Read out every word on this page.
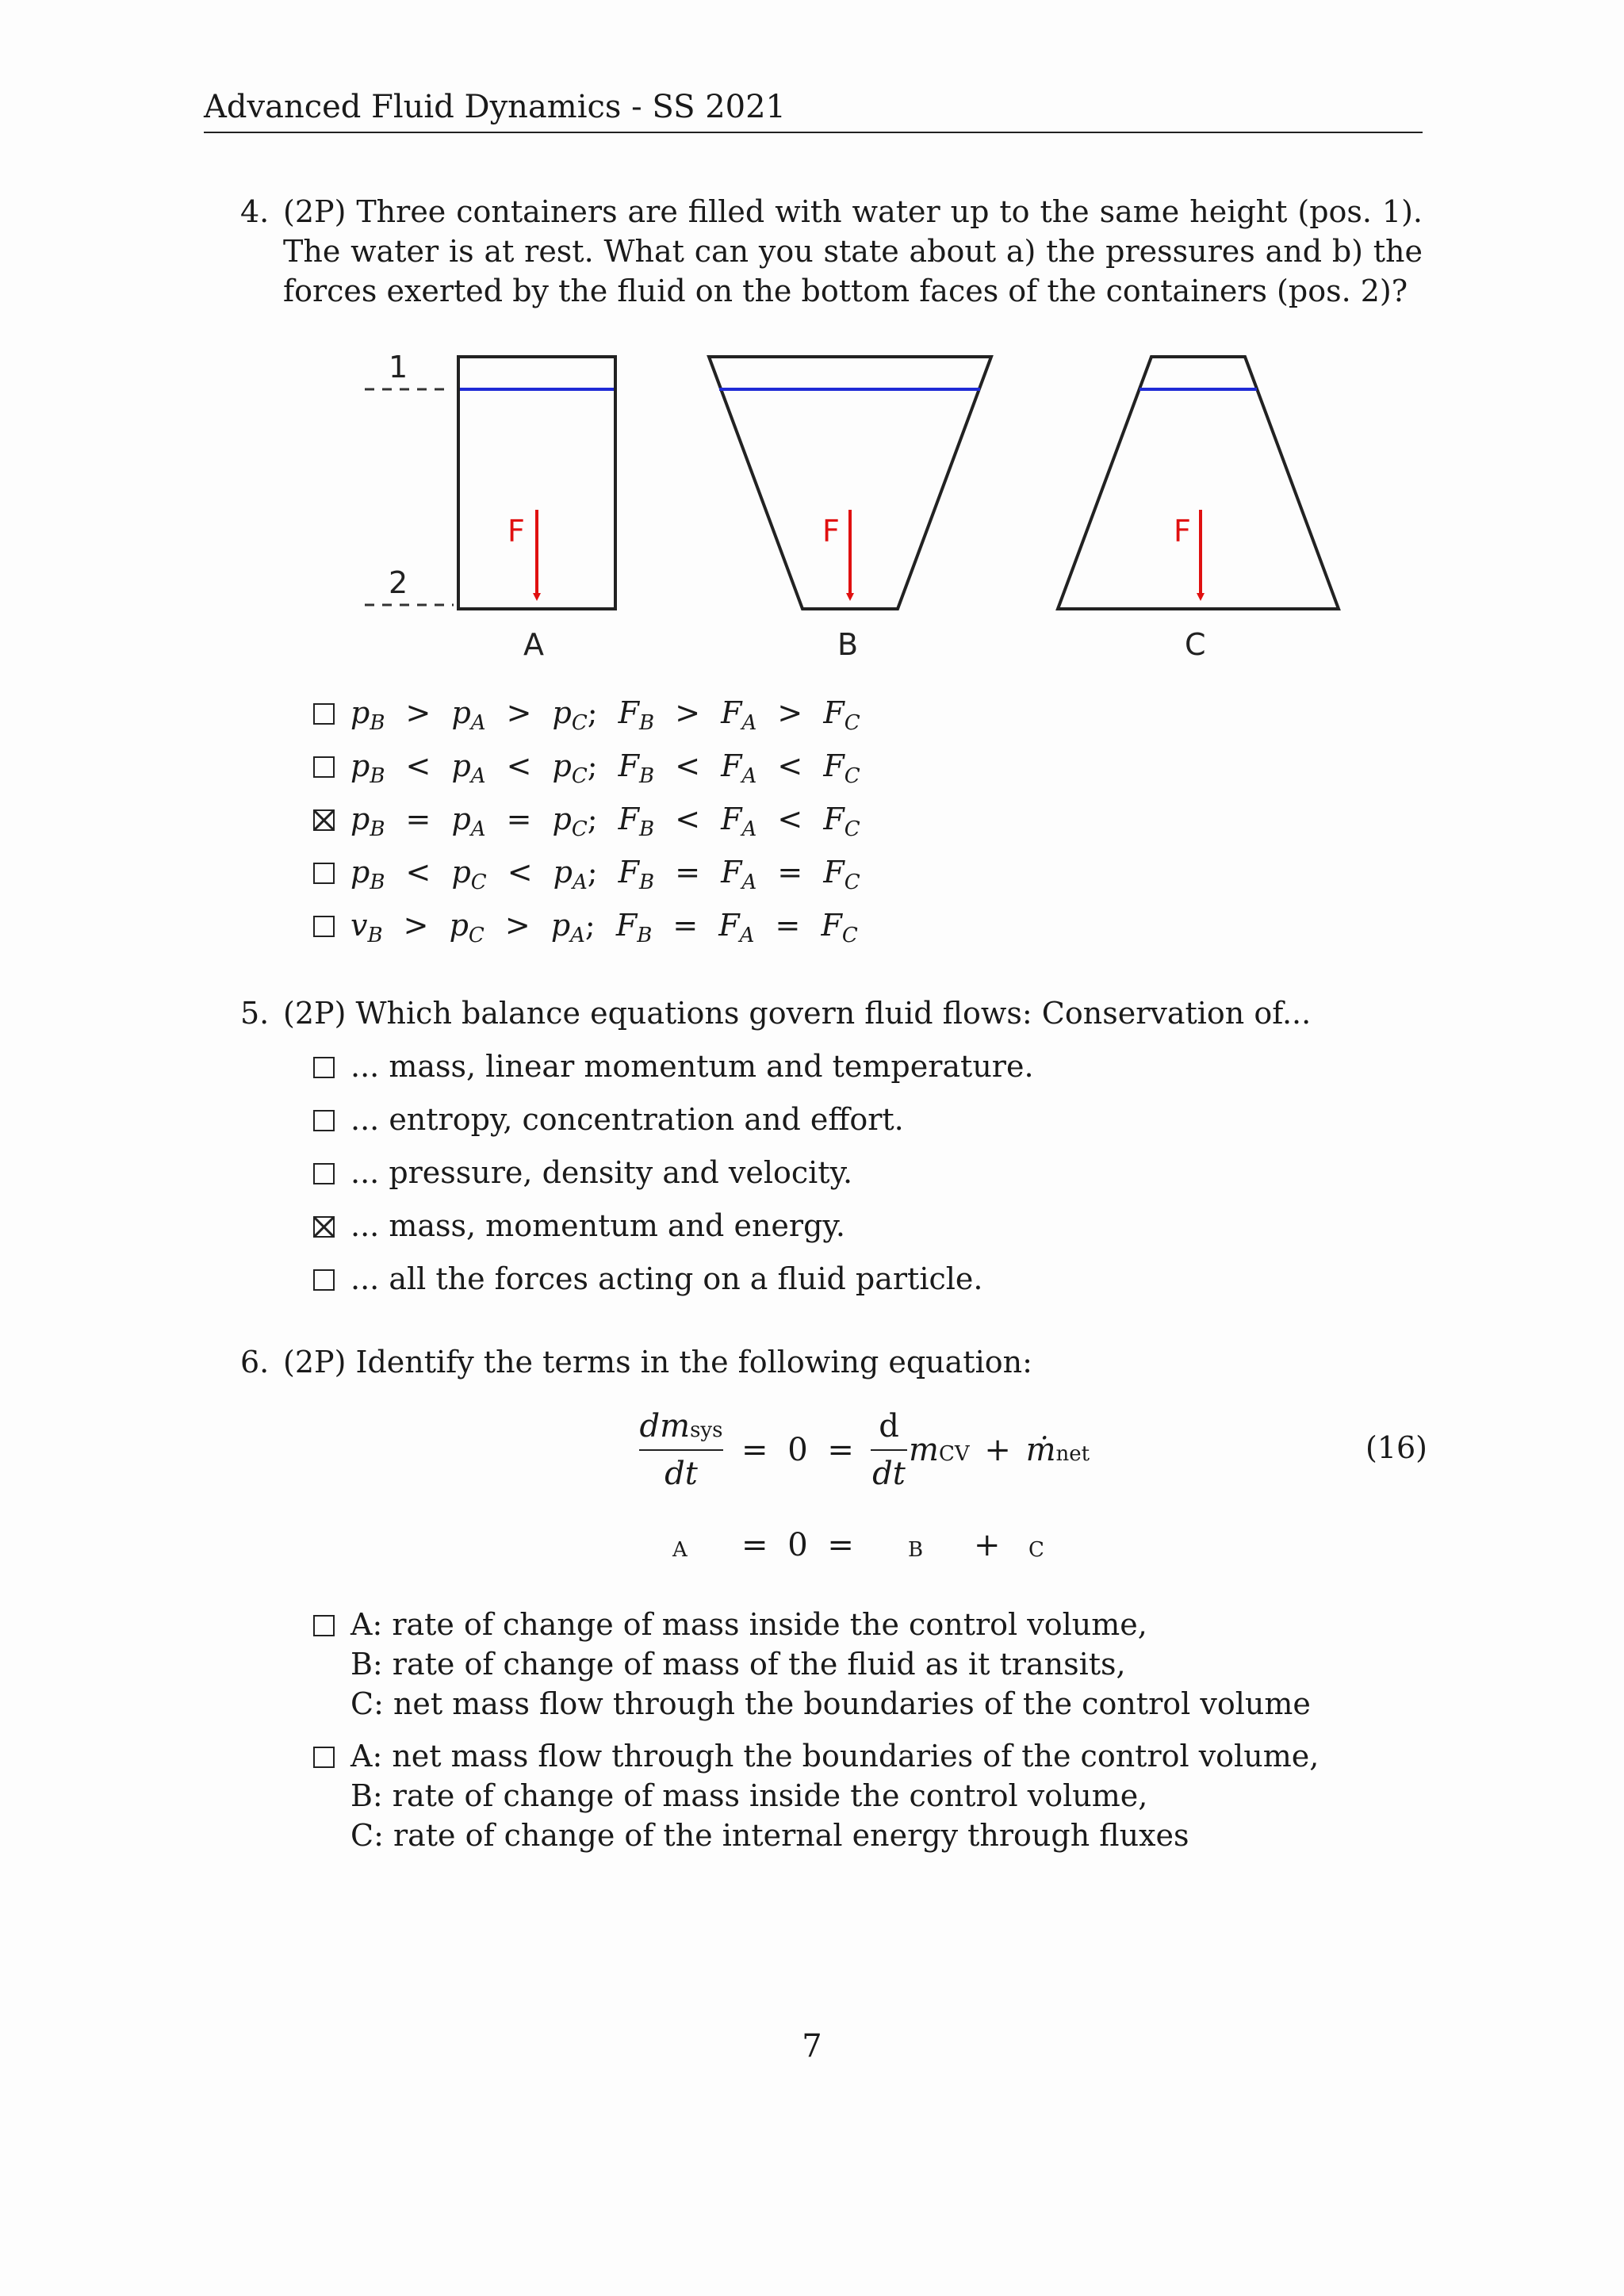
Advanced Fluid Dynamics - SS 2021
4. (2P) Three containers are filled with water up to the same height (pos. 1). The water is at rest. What can you state about a) the pressures and b) the forces exerted by the fluid on the bottom faces of the containers (pos. 2)?
1
2
F
A
F
B
F
C
$p_B > p_A > p_C$; $F_B > F_A > F_C$
$p_B < p_A < p_C$; $F_B < F_A < F_C$
$p_B = p_A = p_C$; $F_B < F_A < F_C$
$p_B < p_C < p_A$; $F_B = F_A = F_C$
$v_B > p_C > p_A$; $F_B = F_A = F_C$
5. (2P) Which balance equations govern fluid flows: Conservation of...
... mass, linear momentum and temperature.
... entropy, concentration and effort.
... pressure, density and velocity.
... mass, momentum and energy.
... all the forces acting on a fluid particle.
6. (2P) Identify the terms in the following equation:
dmsys
dt
= 0 =
d
dt
mCV + ṁnet	(16)
A = 0 =	B + C
A: rate of change of mass inside the control volume,
B: rate of change of mass of the fluid as it transits,
C: net mass flow through the boundaries of the control volume
A: net mass flow through the boundaries of the control volume,
B: rate of change of mass inside the control volume,
C: rate of change of the internal energy through fluxes
7
